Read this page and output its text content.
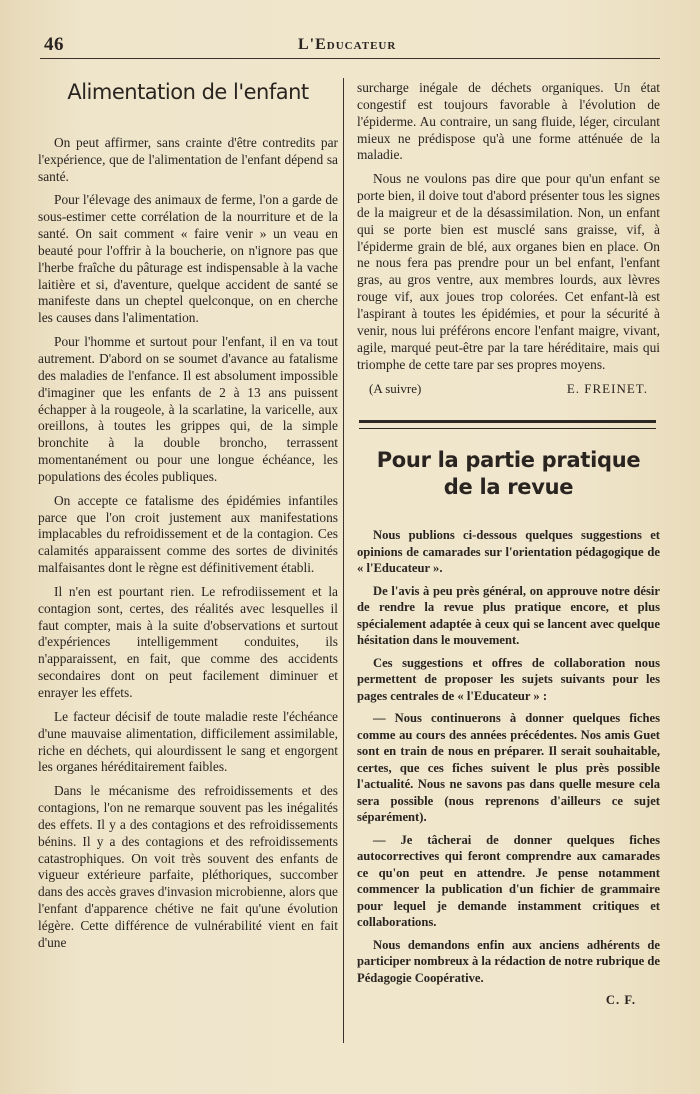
46	L'Educateur
Alimentation de l'enfant

On peut affirmer, sans crainte d'être contredits par l'expérience, que de l'alimentation de l'enfant dépend sa santé.

Pour l'élevage des animaux de ferme, l'on a garde de sous-estimer cette corrélation de la nourriture et de la santé. On sait comment « faire venir » un veau en beauté pour l'offrir à la boucherie, on n'ignore pas que l'herbe fraîche du pâturage est indispensable à la vache laitière et si, d'aventure, quelque accident de santé se manifeste dans un cheptel quelconque, on en cherche les causes dans l'alimentation.

Pour l'homme et surtout pour l'enfant, il en va tout autrement. D'abord on se soumet d'avance au fatalisme des maladies de l'enfance. Il est absolument impossible d'imaginer que les enfants de 2 à 13 ans puissent échapper à la rougeole, à la scarlatine, la varicelle, aux oreillons, à toutes les grippes qui, de la simple bronchite à la double broncho, terrassent momentanément ou pour une longue échéance, les populations des écoles publiques.

On accepte ce fatalisme des épidémies infantiles parce que l'on croit justement aux manifestations implacables du refroidissement et de la contagion. Ces calamités apparaissent comme des sortes de divinités malfaisantes dont le règne est définitivement établi.

Il n'en est pourtant rien. Le refrodiissement et la contagion sont, certes, des réalités avec lesquelles il faut compter, mais à la suite d'observations et surtout d'expériences intelligemment conduites, ils n'apparaissent, en fait, que comme des accidents secondaires dont on peut facilement diminuer et enrayer les effets.

Le facteur décisif de toute maladie reste l'échéance d'une mauvaise alimentation, difficilement assimilable, riche en déchets, qui alourdissent le sang et engorgent les organes héréditairement faibles.

Dans le mécanisme des refroidissements et des contagions, l'on ne remarque souvent pas les inégalités des effets. Il y a des contagions et des refroidissements bénins. Il y a des contagions et des refroidissements catastrophiques. On voit très souvent des enfants de vigueur extérieure parfaite, pléthoriques, succomber dans des accès graves d'invasion microbienne, alors que l'enfant d'apparence chétive ne fait qu'une évolution légère. Cette différence de vulnérabilité vient en fait d'une

surcharge inégale de déchets organiques. Un état congestif est toujours favorable à l'évolution de l'épiderme. Au contraire, un sang fluide, léger, circulant mieux ne prédispose qu'à une forme atténuée de la maladie.

Nous ne voulons pas dire que pour qu'un enfant se porte bien, il doive tout d'abord présenter tous les signes de la maigreur et de la désassimilation. Non, un enfant qui se porte bien est musclé sans graisse, vif, à l'épiderme grain de blé, aux organes bien en place. On ne nous fera pas prendre pour un bel enfant, l'enfant gras, au gros ventre, aux membres lourds, aux lèvres rouge vif, aux joues trop colorées. Cet enfant-là est l'aspirant à toutes les épidémies, et pour la sécurité à venir, nous lui préférons encore l'enfant maigre, vivant, agile, marqué peut-être par la tare héréditaire, mais qui triomphe de cette tare par ses propres moyens.

(A suivre)	E. FREINET.
Pour la partie pratique
de la revue

Nous publions ci-dessous quelques suggestions et opinions de camarades sur l'orientation pédagogique de « l'Educateur ».

De l'avis à peu près général, on approuve notre désir de rendre la revue plus pratique encore, et plus spécialement adaptée à ceux qui se lancent avec quelque hésitation dans le mouvement.

Ces suggestions et offres de collaboration nous permettent de proposer les sujets suivants pour les pages centrales de « l'Educateur » :

— Nous continuerons à donner quelques fiches comme au cours des années précédentes. Nos amis Guet sont en train de nous en préparer. Il serait souhaitable, certes, que ces fiches suivent le plus près possible l'actualité. Nous ne savons pas dans quelle mesure cela sera possible (nous reprenons d'ailleurs ce sujet séparément).

— Je tâcherai de donner quelques fiches autocorrectives qui feront comprendre aux camarades ce qu'on peut en attendre. Je pense notamment commencer la publication d'un fichier de grammaire pour lequel je demande instamment critiques et collaborations.

Nous demandons enfin aux anciens adhérents de participer nombreux à la rédaction de notre rubrique de Pédagogie Coopérative.

C. F.
